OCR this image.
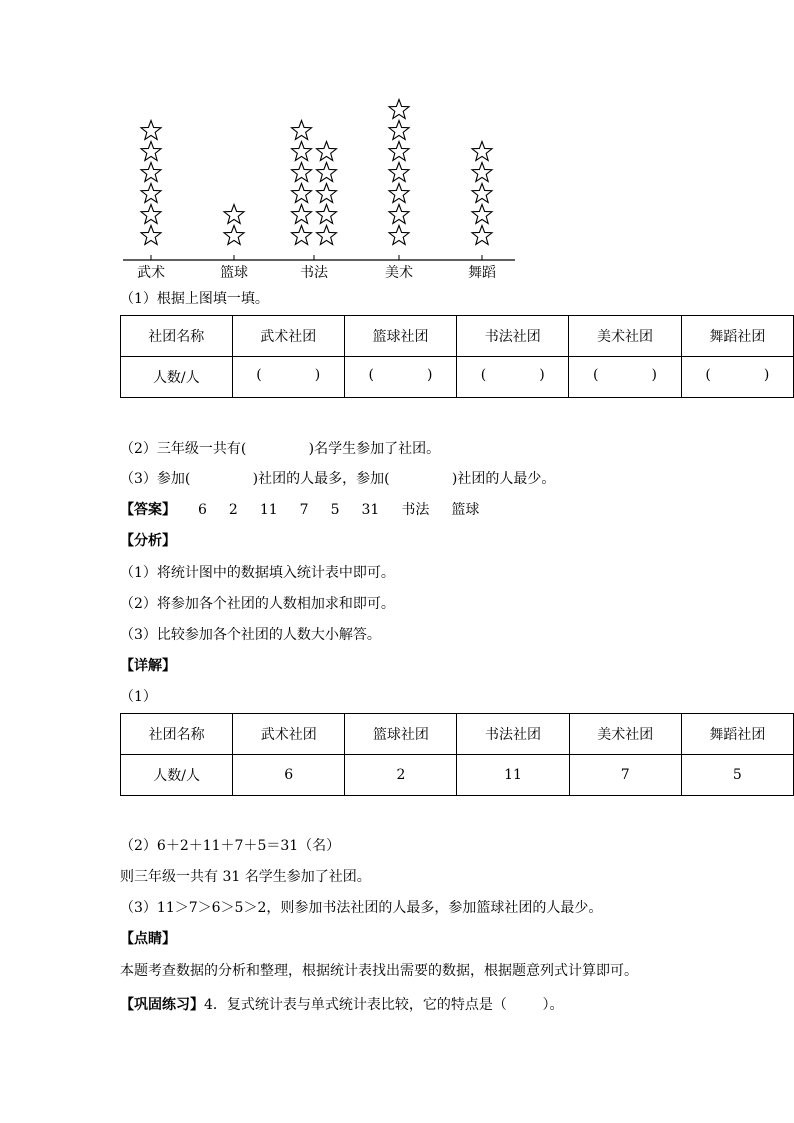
武术	篮球	书法	美术	舞蹈
（1）根据上图填一填。
社团名称	武术社团	篮球社团	书法社团	美术社团	舞蹈社团
人数/人	( )	( )	( )	( )	( )
（2）三年级一共有(              )名学生参加了社团。
（3）参加(              )社团的人最多，参加(              )社团的人最少。
【答案】 6 2 11 7 5 31 书法 篮球
【分析】
（1）将统计图中的数据填入统计表中即可。
（2）将参加各个社团的人数相加求和即可。
（3）比较参加各个社团的人数大小解答。
【详解】
（1）
社团名称	武术社团	篮球社团	书法社团	美术社团	舞蹈社团
人数/人	6	2	11	7	5
（2）6＋2＋11＋7＋5＝31（名）
则三年级一共有 31 名学生参加了社团。
（3）11＞7＞6＞5＞2，则参加书法社团的人最多，参加篮球社团的人最少。
【点睛】
本题考查数据的分析和整理，根据统计表找出需要的数据，根据题意列式计算即可。
【巩固练习】4．复式统计表与单式统计表比较，它的特点是（        ）。
